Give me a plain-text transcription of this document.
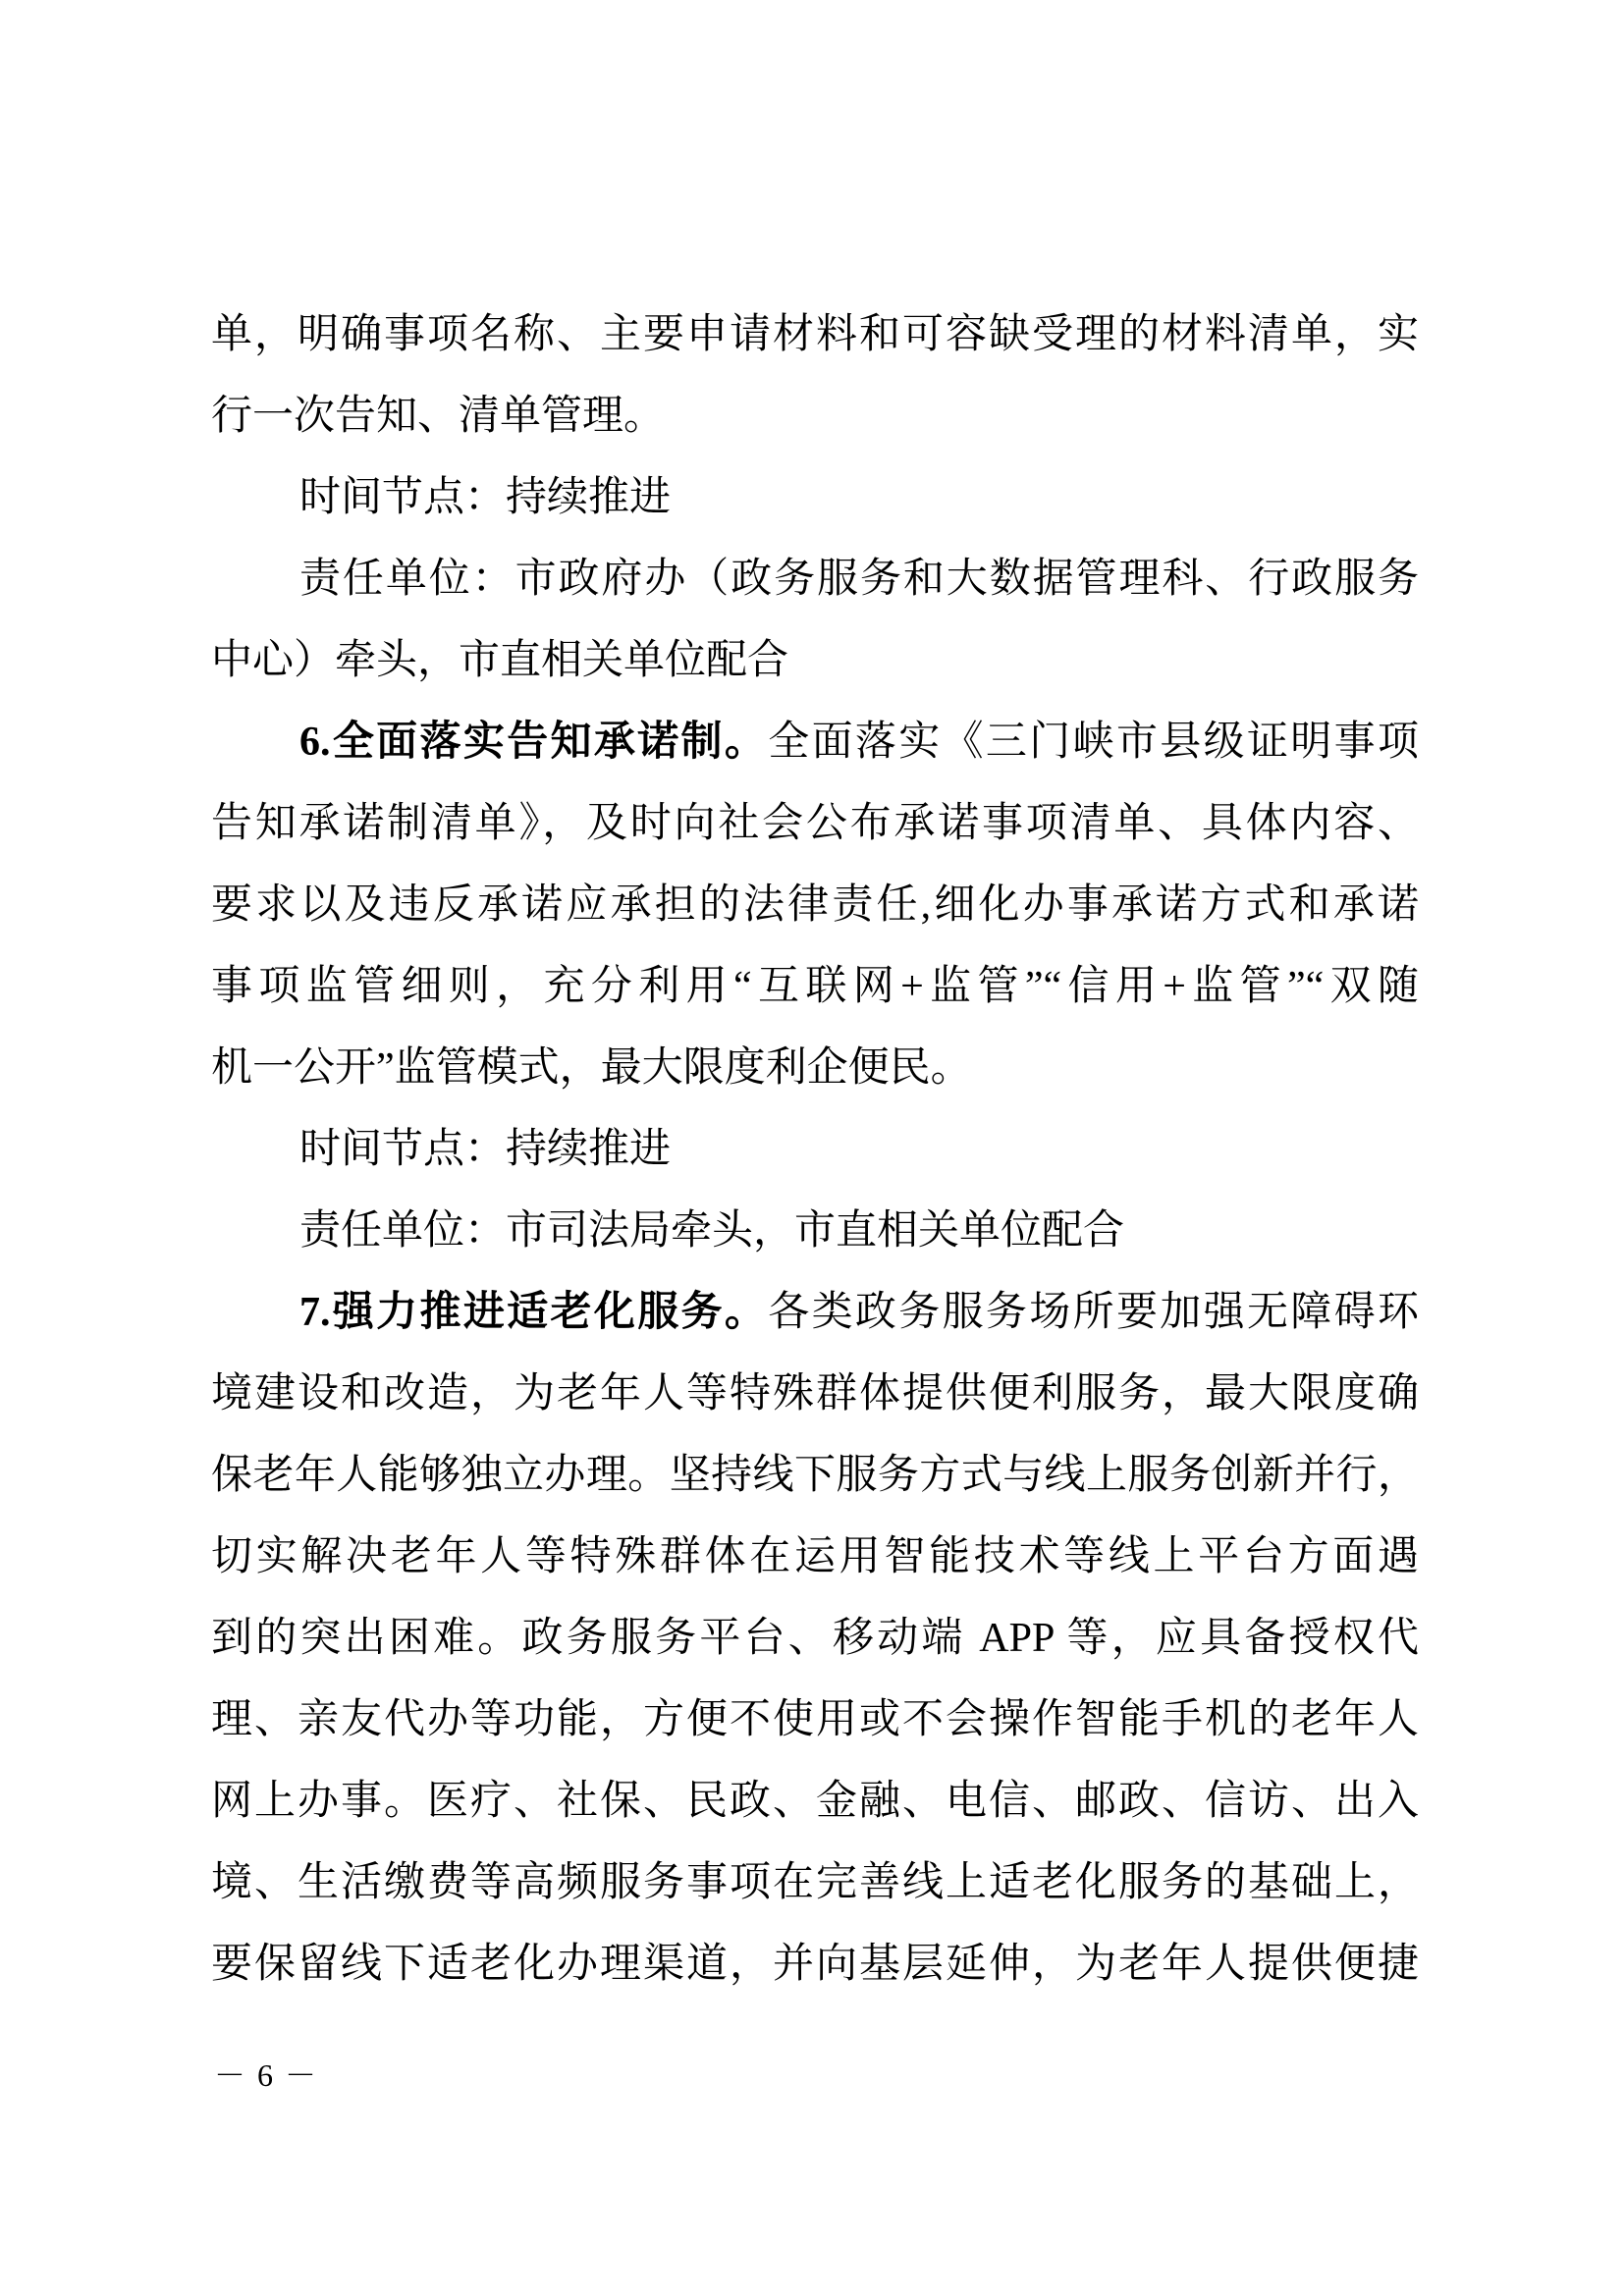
单，明确事项名称、主要申请材料和可容缺受理的材料清单，实
行一次告知、清单管理。
时间节点：持续推进
责任单位：市政府办（政务服务和大数据管理科、行政服务
中心）牵头，市直相关单位配合
6.全面落实告知承诺制。全面落实《三门峡市县级证明事项
告知承诺制清单》，及时向社会公布承诺事项清单、具体内容、
要求以及违反承诺应承担的法律责任,细化办事承诺方式和承诺
事项监管细则，充分利用“互联网+监管”“信用+监管”“双随
机一公开”监管模式，最大限度利企便民。
时间节点：持续推进
责任单位：市司法局牵头，市直相关单位配合
7.强力推进适老化服务。各类政务服务场所要加强无障碍环
境建设和改造，为老年人等特殊群体提供便利服务，最大限度确
保老年人能够独立办理。坚持线下服务方式与线上服务创新并行，
切实解决老年人等特殊群体在运用智能技术等线上平台方面遇
到的突出困难。政务服务平台、移动端 APP 等，应具备授权代
理、亲友代办等功能，方便不使用或不会操作智能手机的老年人
网上办事。医疗、社保、民政、金融、电信、邮政、信访、出入
境、生活缴费等高频服务事项在完善线上适老化服务的基础上，
要保留线下适老化办理渠道，并向基层延伸，为老年人提供便捷
－ 6 －
